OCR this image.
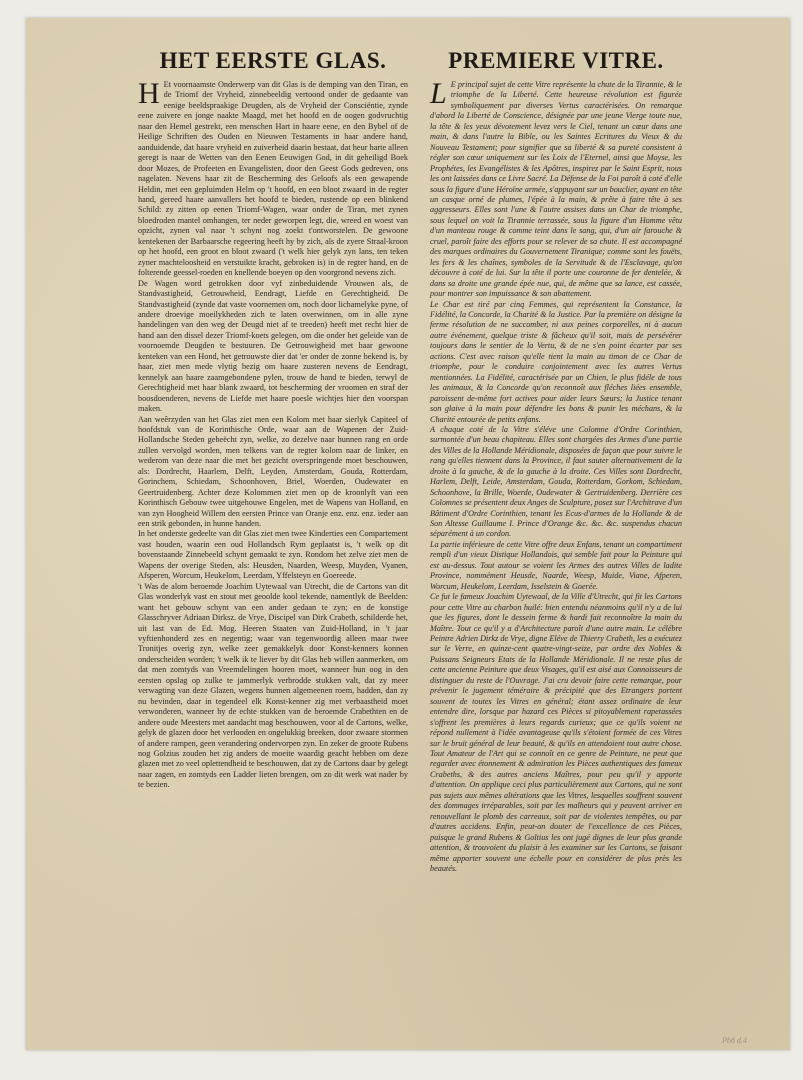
HET EERSTE GLAS.

H Et voornaamste Onderwerp van dit Glas is de demping van den Tiran, en de Triomf der Vryheid, zinnebeeldig vertoond onder de gedaante van eenige beeldspraakige Deugden, als de Vryheid der Consciëntie, zynde eene zuivere en jonge naakte Maagd, met het hoofd en de oogen godvruchtig naar den Hemel gestrekt, een menschen Hart in haare eene, en den Bybel of de Heilige Schriften des Ouden en Nieuwen Testaments in haar andere hand, aanduidende, dat haare vryheid en zuiverheid daarin bestaat, dat heur harte alleen geregt is naar de Wetten van den Eenen Eeuwigen God, in dit geheiligd Boek door Mozes, de Profeeten en Evangelisten, door den Geest Gods gedreven, ons nagelaten. Nevens haar zit de Bescherming des Geloofs als een gewapende Heldin, met een gepluimden Helm op 't hoofd, en een bloot zwaard in de regter hand, gereed haare aanvallers het hoofd te bieden, rustende op een blinkend Schild: zy zitten op eenen Triomf-Wagen, waar onder de Tiran, met zynen bloedroden mantel omhangen, ter neder geworpen legt, die, wreed en woest van opzicht, zynen val naar 't schynt nog zoekt t'ontworstelen. De gewoone kentekenen der Barbaarsche regeering heeft hy by zich, als de zyere Straal-kroon op het hoofd, een groot en bloot zwaard ('t welk hier gelyk zyn lans, ten teken zyner machteloosheid en verstuikte kracht, gebroken is) in de regter hand, en de folterende geessel-roeden en knellende boeyen op den voorgrond nevens zich.
De Wagen word getrokken door vyf zinbeduidende Vrouwen als, de Standvastigheid, Getrouwheid, Eendragt, Liefde en Gerechtigheid. De Standvastigheid (zynde dat vaste voornemen om, noch door lichamelyke pyne, of andere droevige moeilykheden zich te laten overwinnen, om in alle zyne handelingen van den weg der Deugd niet af te treeden) heeft met recht hier de hand aan den dissel dezer Triomf-koets gelegen, om die onder het geleide van de voornoemde Deugden te bestuuren. De Getrouwigheid met haar gewoone kenteken van een Hond, het getrouwste dier dat 'er onder de zonne bekend is, by haar, ziet men mede vlytig bezig om haare zusteren nevens de Eendragt, kennelyk aan haare zaamgebondene pylen, trouw de hand te bieden, terwyl de Gerechtigheid met haar blank zwaard, tot bescherming der vroomen en straf der boosdoenderen, nevens de Liefde met haare poesle wichtjes hier den voorspan maken.
Aan weêrzyden van het Glas ziet men een Kolom met haar sierlyk Capiteel of hoofdstuk van de Korinthische Orde, waar aan de Wapenen der Zuid-Hollandsche Steden geheëcht zyn, welke, zo dezelve naar hunnen rang en orde zullen vervolgd worden, men telkens van de regter kolom naar de linker, en wederom van deze naar die met het gezicht overspringende moet beschouwen, als: Dordrecht, Haarlem, Delft, Leyden, Amsterdam, Gouda, Rotterdam, Gorinchem, Schiedam, Schoonhoven, Briel, Woerden, Oudewater en Geertruidenberg. Achter deze Kolommen ziet men op de kroonlyft van een Korinthisch Gebouw twee uitgehouwe Engelen, met de Wapens van Holland, en van zyn Hoogheid Willem den eersten Prince van Oranje enz. enz. enz. ieder aan een strik gebonden, in hunne handen.
In het onderste gedeelte van dit Glas ziet men twee Kinderties een Compartement vast houden, waarin een oud Hollandsch Rym geplaatst is, 't welk op dit bovenstaande Zinnebeeld schynt gemaakt te zyn. Rondom het zelve ziet men de Wapens der overige Steden, als: Heusden, Naarden, Weesp, Muyden, Vyanen, Afsperen, Worcum, Heukelom, Leerdam, Yffelsteyn en Goereede.
't Was de alom beroemde Joachim Uytewaal van Utrecht, die de Cartons van dit Glas wonderlyk vast en stout met geoolde kool tekende, namentlyk de Beelden: want het gebouw schynt van een ander gedaan te zyn; en de konstige Glasschryver Adriaan Dirksz. de Vrye, Discipel van Dirk Crabeth, schilderde het, uit last van de Ed. Mog. Heeren Staaten van Zuid-Holland, in 't jaar vyftienhonderd zes en negentig; waar van tegenwoordig alleen maar twee Tronitjes overig zyn, welke zeer gemakkelyk door Konst-kenners konnen onderscheiden worden; 't welk ik te liever by dit Glas heb willen aanmerken, om dat men zomtyds van Vreemdelingen hooren moet, wanneer hun oog in den eersten opslag op zulke te jammerlyk verbrodde stukken valt, dat zy meer verwagting van deze Glazen, wegens hunnen algemeenen roem, hadden, dan zy nu bevinden, daar in tegendeel elk Konst-kenner zig met verbaastheid moet verwonderen, wanneer hy de echte stukken van de beroemde Crabethten en de andere oude Meesters met aandacht mag beschouwen, voor al de Cartons, welke, gelyk de glazen door het verlooden en ongelukkig breeken, door zwaare stormen of andere rampen, geen verandering ondervorpen zyn. En zeker de groote Rubens nog Golzius zouden het zig anders de moeite waardig geacht hebben om deze glazen met zo veel oplettendheid te beschouwen, dat zy de Cartons daar by gelegt naar zagen, en zomtyds een Ladder lieten brengen, om zo dit werk wat nader by te bezien.

PREMIERE VITRE.

L E principal sujet de cette Vitre représente la chute de la Tirannie, & le triomphe de la Liberté. Cette heureuse révolution est figurée symboliquement par diverses Vertus caractérisées. On remarque d'abord la Liberté de Conscience, désignée par une jeune Vierge toute nue, la tête & les yeux dévotement levez vers le Ciel, tenant un cœur dans une main, & dans l'autre la Bible, ou les Saintes Ecritures du Vieux & du Nouveau Testament; pour signifier que sa liberté & sa pureté consistent à régler son cœur uniquement sur les Loix de l'Eternel, ainsi que Moyse, les Prophétes, les Evangélistes & les Apôtres, inspirez par le Saint Esprit, nous les ont laissées dans ce Livre Sacré. La Défense de la Foi paroît à coté d'elle sous la figure d'une Héroïne armée, s'appuyant sur un bouclier, ayant en tête un casque orné de plumes, l'épée à la main, & prête à faire tête à ses aggresseurs. Elles sont l'une & l'autre assises dans un Char de triomphe, sous lequel on voit la Tirannie terrassée, sous la figure d'un Homme vêtu d'un manteau rouge & comme teint dans le sang, qui, d'un air farouche & cruel, paroît faire des efforts pour se relever de sa chute. Il est accompagné des marques ordinaires du Gouvernement Tiranique; comme sont les fouëts, les fers & les chaînes, symboles de la Servitude & de l'Esclavage, qu'on découvre à coté de lui. Sur la tête il porte une couronne de fer dentelée, & dans sa droite une grande épée nue, qui, de même que sa lance, est cassée, pour montrer son impuissance & son abattement.
Le Char est tiré par cinq Femmes, qui représentent la Constance, la Fidélité, la Concorde, la Charité & la Justice. Par la première on désigne la ferme résolution de ne succomber, ni aux peines corporelles, ni à aucun autre événement, quelque triste & fâcheux qu'il soit, mais de persévérer toujours dans le sentier de la Vertu, & de ne s'en point écarter par ses actions. C'est avec raison qu'elle tient la main au timon de ce Char de triomphe, pour le conduire conjointement avec les autres Vertus mentionnées. La Fidélité, caractérisée par un Chien, le plus fidéle de tous les animaux, & la Concorde qu'on reconnoît aux fléches liées ensemble, paroissent de-même fort actives pour aider leurs Sœurs; la Justice tenant son glaive à la main pour défendre les bons & punir les méchans, & la Charité entourée de petits enfans.
A chaque coté de la Vitre s'éléve une Colomne d'Ordre Corinthien, surmontée d'un beau chapiteau. Elles sont chargées des Armes d'une partie des Villes de la Hollande Méridionale, disposées de façon que pour suivre le rang qu'elles tiennent dans la Province, il faut sauter alternativement de la droite à la gauche, & de la gauche à la droite. Ces Villes sont Dordrecht, Harlem, Delft, Leide, Amsterdam, Gouda, Rotterdam, Gorkom, Schiedam, Schoonhove, la Brille, Woerde, Oudewater & Gertruidenberg. Derrière ces Colomnes se présentent deux Anges de Sculpture, posez sur l'Architrave d'un Bâtiment d'Ordre Corinthien, tenant les Ecus-d'armes de la Hollande & de Son Altesse Guillaume I. Prince d'Orange &c. &c. &c. suspendus chacun séparément à un cordon.
La partie inférieure de cette Vitre offre deux Enfans, tenant un compartiment rempli d'un vieux Distique Hollandois, qui semble fait pour la Peinture qui est au-dessus. Tout autour se voient les Armes des autres Villes de ladite Province, nommément Heusde, Naarde, Weesp, Muide, Viane, Afperen, Worcum, Heukelom, Leerdam, Isselstein & Goerée.
Ce fut le fameux Joachim Uytewaal, de la Ville d'Utrecht, qui fit les Cartons pour cette Vitre au charbon huilé: bien entendu néanmoins qu'il n'y a de lui que les figures, dont le dessein ferme & hardi fait reconnoître la main du Maître. Tout ce qu'il y a d'Architecture paroît d'une autre main. Le célébre Peintre Adrien Dirkz de Vrye, digne Eléve de Thierry Crabeth, les a exécutez sur le Verre, en quinze-cent quatre-vingt-seize, par ordre des Nobles & Puissans Seigneurs Etats de la Hollande Méridionale. Il ne reste plus de cette ancienne Peinture que deux Visages, qu'il est aisé aux Connoisseurs de distinguer du reste de l'Ouvrage. J'ai cru devoir faire cette remarque, pour prévenir le jugement téméraire & précipité que des Etrangers portent souvent de toutes les Vitres en général; étant assez ordinaire de leur entendre dire, lorsque par hazard ces Pièces si pitoyablement rapetassées s'offrent les premières à leurs regards curieux; que ce qu'ils voient ne répond nullement à l'idée avantageuse qu'ils s'étoient formée de ces Vitres sur le bruit général de leur beauté, & qu'ils en attendoient tout autre chose. Tout Amateur de l'Art qui se connoît en ce genre de Peinture, ne peut que regarder avec étonnement & admiration les Pièces authentiques des fameux Crabeths, & des autres anciens Maîtres, pour peu qu'il y apporte d'attention. On applique ceci plus particulièrement aux Cartons, qui ne sont pas sujets aux mêmes altérations que les Vitres, lesquelles souffrent souvent des dommages irréparables, soit par les malheurs qui y peuvent arriver en renouvellant le plomb des carreaux, soit par de violentes tempêtes, ou par d'autres accidens. Enfin, peut-on douter de l'excellence de ces Pièces, puisque le grand Rubens & Goltius les ont jugé dignes de leur plus grande attention, & trouvoient du plaisir à les examiner sur les Cartons, se faisant même apporter souvent une échelle pour en considérer de plus près les beautés.

Pb8 d.4
